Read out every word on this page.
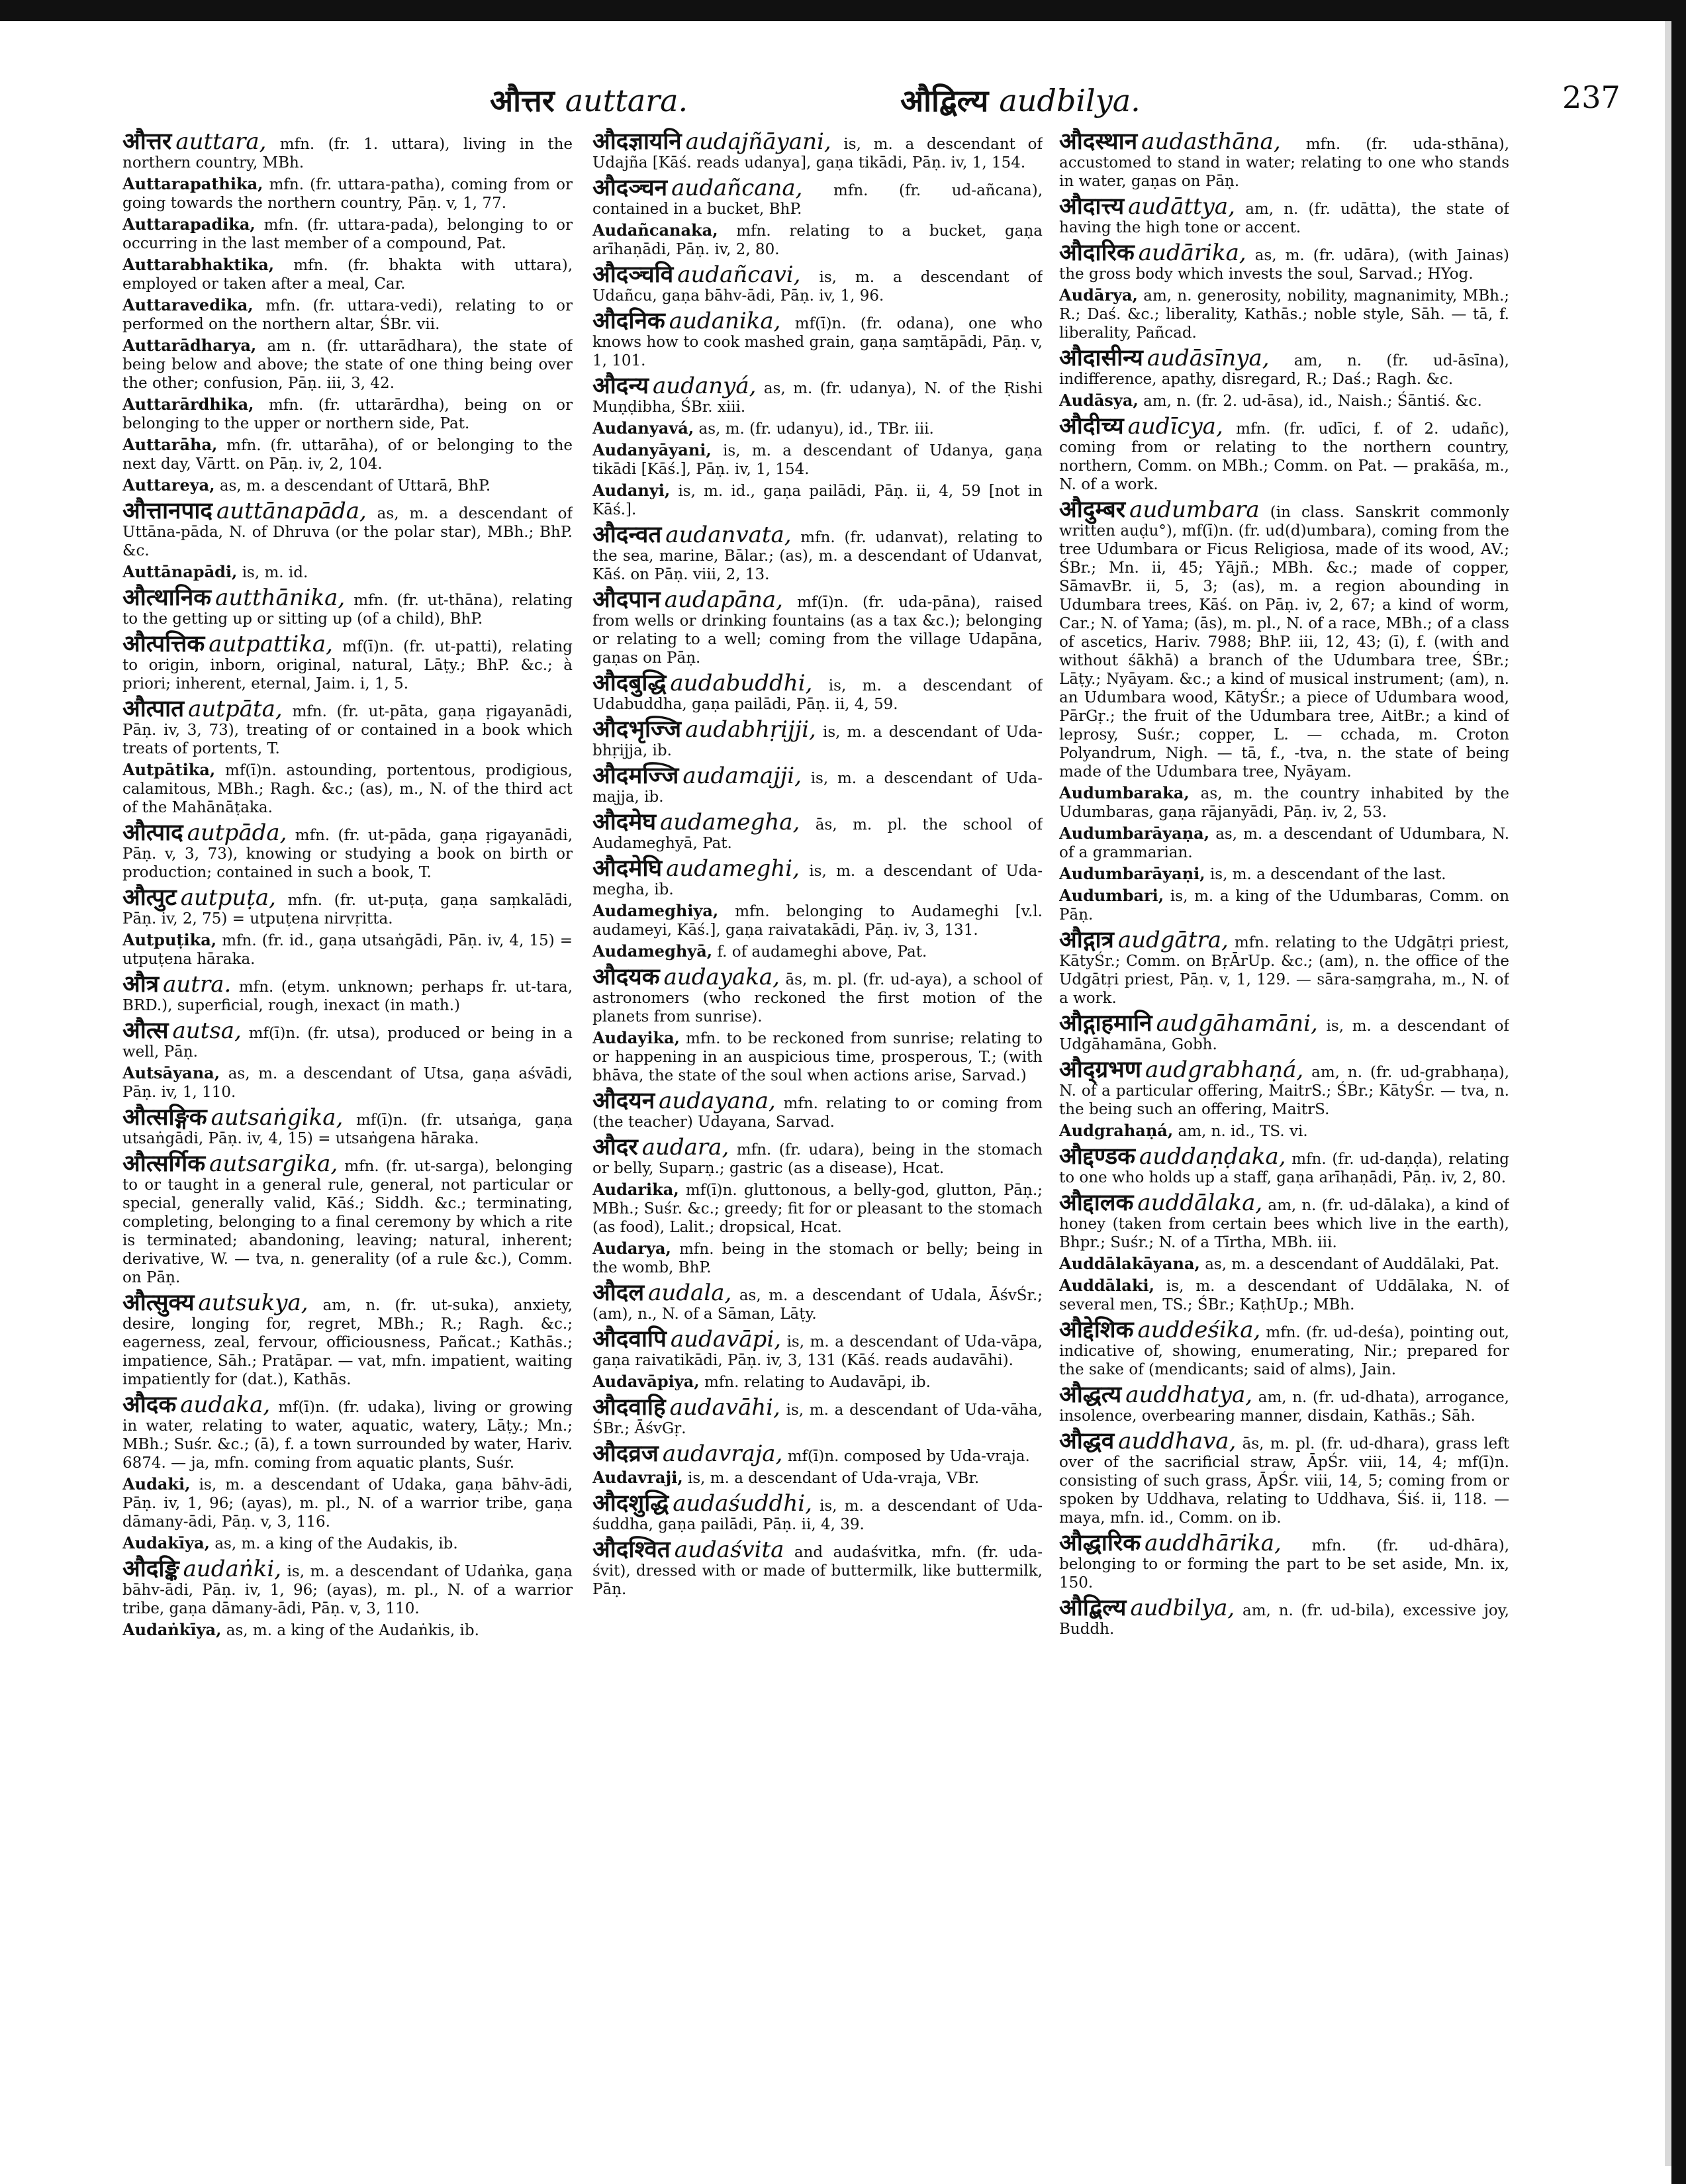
औत्तर auttara.	औद्बिल्य audbilya.	237
औत्तर auttara, mfn. (fr. 1. uttara), living in the northern country, MBh.
Auttarapathika, mfn. (fr. uttara-patha), coming from or going towards the northern country, Pāṇ. v, 1, 77.
Auttarapadika, mfn. (fr. uttara-pada), belonging to or occurring in the last member of a compound, Pat.
Auttarabhaktika, mfn. (fr. bhakta with uttara), employed or taken after a meal, Car.
Auttaravedika, mfn. (fr. uttara-vedi), relating to or performed on the northern altar, ŚBr. vii.
Auttarādharya, am n. (fr. uttarādhara), the state of being below and above; the state of one thing being over the other; confusion, Pāṇ. iii, 3, 42.
Auttarārdhika, mfn. (fr. uttarārdha), being on or belonging to the upper or northern side, Pat.
Auttarāha, mfn. (fr. uttarāha), of or belonging to the next day, Vārtt. on Pāṇ. iv, 2, 104.
Auttareya, as, m. a descendant of Uttarā, BhP.
औत्तानपाद auttānapāda, as, m. a descendant of Uttāna-pāda, N. of Dhruva (or the polar star), MBh.; BhP. &c.
Auttānapādi, is, m. id.
औत्थानिक autthānika, mfn. (fr. ut-thāna), relating to the getting up or sitting up (of a child), BhP.
औत्पत्तिक autpattika, mf(ī)n. (fr. ut-patti), relating to origin, inborn, original, natural, Lāṭy.; BhP. &c.; à priori; inherent, eternal, Jaim. i, 1, 5.
औत्पात autpāta, mfn. (fr. ut-pāta, gaṇa ṛigayanādi, Pāṇ. iv, 3, 73), treating of or contained in a book which treats of portents, T.
Autpātika, mf(ī)n. astounding, portentous, prodigious, calamitous, MBh.; Ragh. &c.; (as), m., N. of the third act of the Mahānāṭaka.
औत्पाद autpāda, mfn. (fr. ut-pāda, gaṇa ṛigayanādi, Pāṇ. v, 3, 73), knowing or studying a book on birth or production; contained in such a book, T.
औत्पुट autpuṭa, mfn. (fr. ut-puṭa, gaṇa saṃkalādi, Pāṇ. iv, 2, 75) = utpuṭena nirvṛitta.
Autpuṭika, mfn. (fr. id., gaṇa utsaṅgādi, Pāṇ. iv, 4, 15) = utpuṭena hāraka.
औत्र autra. mfn. (etym. unknown; perhaps fr. ut-tara, BRD.), superficial, rough, inexact (in math.)
औत्स autsa, mf(ī)n. (fr. utsa), produced or being in a well, Pāṇ.
Autsāyana, as, m. a descendant of Utsa, gaṇa aśvādi, Pāṇ. iv, 1, 110.
औत्सङ्गिक autsaṅgika, mf(ī)n. (fr. utsaṅga, gaṇa utsaṅgādi, Pāṇ. iv, 4, 15) = utsaṅgena hāraka.
औत्सर्गिक autsargika, mfn. (fr. ut-sarga), belonging to or taught in a general rule, general, not particular or special, generally valid, Kāś.; Siddh. &c.; terminating, completing, belonging to a final ceremony by which a rite is terminated; abandoning, leaving; natural, inherent; derivative, W. — tva, n. generality (of a rule &c.), Comm. on Pāṇ.
औत्सुक्य autsukya, am, n. (fr. ut-suka), anxiety, desire, longing for, regret, MBh.; R.; Ragh. &c.; eagerness, zeal, fervour, officiousness, Pañcat.; Kathās.; impatience, Sāh.; Pratāpar. — vat, mfn. impatient, waiting impatiently for (dat.), Kathās.
औदक audaka, mf(ī)n. (fr. udaka), living or growing in water, relating to water, aquatic, watery, Lāṭy.; Mn.; MBh.; Suśr. &c.; (ā), f. a town surrounded by water, Hariv. 6874. — ja, mfn. coming from aquatic plants, Suśr.
Audaki, is, m. a descendant of Udaka, gaṇa bāhv-ādi, Pāṇ. iv, 1, 96; (ayas), m. pl., N. of a warrior tribe, gaṇa dāmany-ādi, Pāṇ. v, 3, 116.
Audakīya, as, m. a king of the Audakis, ib.
औदङ्कि audaṅki, is, m. a descendant of Udaṅka, gaṇa bāhv-ādi, Pāṇ. iv, 1, 96; (ayas), m. pl., N. of a warrior tribe, gaṇa dāmany-ādi, Pāṇ. v, 3, 110.
Audaṅkīya, as, m. a king of the Audaṅkis, ib.
औदज्ञायनि audajñāyani, is, m. a descendant of Udajña [Kāś. reads udanya], gaṇa tikādi, Pāṇ. iv, 1, 154.
औदञ्चन audañcana, mfn. (fr. ud-añcana), contained in a bucket, BhP.
Audañcanaka, mfn. relating to a bucket, gaṇa arīhaṇādi, Pāṇ. iv, 2, 80.
औदञ्चवि audañcavi, is, m. a descendant of Udañcu, gaṇa bāhv-ādi, Pāṇ. iv, 1, 96.
औदनिक audanika, mf(ī)n. (fr. odana), one who knows how to cook mashed grain, gaṇa saṃtāpādi, Pāṇ. v, 1, 101.
औदन्य audanyá, as, m. (fr. udanya), N. of the Ṛishi Muṇḍibha, ŚBr. xiii.
Audanyavá, as, m. (fr. udanyu), id., TBr. iii.
Audanyāyani, is, m. a descendant of Udanya, gaṇa tikādi [Kāś.], Pāṇ. iv, 1, 154.
Audanyi, is, m. id., gaṇa pailādi, Pāṇ. ii, 4, 59 [not in Kāś.].
औदन्वत audanvata, mfn. (fr. udanvat), relating to the sea, marine, Bālar.; (as), m. a descendant of Udanvat, Kāś. on Pāṇ. viii, 2, 13.
औदपान audapāna, mf(ī)n. (fr. uda-pāna), raised from wells or drinking fountains (as a tax &c.); belonging or relating to a well; coming from the village Udapāna, gaṇas on Pāṇ.
औदबुद्धि audabuddhi, is, m. a descendant of Udabuddha, gaṇa pailādi, Pāṇ. ii, 4, 59.
औदभृज्जि audabhṛijji, is, m. a descendant of Uda-bhṛijja, ib.
औदमज्जि audamajji, is, m. a descendant of Uda-majja, ib.
औदमेघ audamegha, ās, m. pl. the school of Audameghyā, Pat.
औदमेघि audameghi, is, m. a descendant of Uda-megha, ib.
Audameghiya, mfn. belonging to Audameghi [v.l. audameyi, Kāś.], gaṇa raivatakādi, Pāṇ. iv, 3, 131.
Audameghyā, f. of audameghi above, Pat.
औदयक audayaka, ās, m. pl. (fr. ud-aya), a school of astronomers (who reckoned the first motion of the planets from sunrise).
Audayika, mfn. to be reckoned from sunrise; relating to or happening in an auspicious time, prosperous, T.; (with bhāva, the state of the soul when actions arise, Sarvad.)
औदयन audayana, mfn. relating to or coming from (the teacher) Udayana, Sarvad.
औदर audara, mfn. (fr. udara), being in the stomach or belly, Suparṇ.; gastric (as a disease), Hcat.
Audarika, mf(ī)n. gluttonous, a belly-god, glutton, Pāṇ.; MBh.; Suśr. &c.; greedy; fit for or pleasant to the stomach (as food), Lalit.; dropsical, Hcat.
Audarya, mfn. being in the stomach or belly; being in the womb, BhP.
औदल audala, as, m. a descendant of Udala, ĀśvŚr.; (am), n., N. of a Sāman, Lāṭy.
औदवापि audavāpi, is, m. a descendant of Uda-vāpa, gaṇa raivatikādi, Pāṇ. iv, 3, 131 (Kāś. reads audavāhi).
Audavāpiya, mfn. relating to Audavāpi, ib.
औदवाहि audavāhi, is, m. a descendant of Uda-vāha, ŚBr.; ĀśvGṛ.
औदव्रज audavraja, mf(ī)n. composed by Uda-vraja.
Audavraji, is, m. a descendant of Uda-vraja, VBr.
औदशुद्धि audaśuddhi, is, m. a descendant of Uda-śuddha, gaṇa pailādi, Pāṇ. ii, 4, 39.
औदश्वित audaśvita and audaśvitka, mfn. (fr. uda-śvit), dressed with or made of buttermilk, like buttermilk, Pāṇ.
औदस्थान audasthāna, mfn. (fr. uda-sthāna), accustomed to stand in water; relating to one who stands in water, gaṇas on Pāṇ.
औदात्त्य audāttya, am, n. (fr. udātta), the state of having the high tone or accent.
औदारिक audārika, as, m. (fr. udāra), (with Jainas) the gross body which invests the soul, Sarvad.; HYog.
Audārya, am, n. generosity, nobility, magnanimity, MBh.; R.; Daś. &c.; liberality, Kathās.; noble style, Sāh. — tā, f. liberality, Pañcad.
औदासीन्य audāsīnya, am, n. (fr. ud-āsīna), indifference, apathy, disregard, R.; Daś.; Ragh. &c.
Audāsya, am, n. (fr. 2. ud-āsa), id., Naish.; Śāntiś. &c.
औदीच्य audīcya, mfn. (fr. udīci, f. of 2. udañc), coming from or relating to the northern country, northern, Comm. on MBh.; Comm. on Pat. — prakāśa, m., N. of a work.
औदुम्बर audumbara (in class. Sanskrit commonly written auḍu°), mf(ī)n. (fr. ud(d)umbara), coming from the tree Udumbara or Ficus Religiosa, made of its wood, AV.; ŚBr.; Mn. ii, 45; Yājñ.; MBh. &c.; made of copper, SāmavBr. ii, 5, 3; (as), m. a region abounding in Udumbara trees, Kāś. on Pāṇ. iv, 2, 67; a kind of worm, Car.; N. of Yama; (ās), m. pl., N. of a race, MBh.; of a class of ascetics, Hariv. 7988; BhP. iii, 12, 43; (ī), f. (with and without śākhā) a branch of the Udumbara tree, ŚBr.; Lāṭy.; Nyāyam. &c.; a kind of musical instrument; (am), n. an Udumbara wood, KātyŚr.; a piece of Udumbara wood, PārGṛ.; the fruit of the Udumbara tree, AitBr.; a kind of leprosy, Suśr.; copper, L. — cchada, m. Croton Polyandrum, Nigh. — tā, f., -tva, n. the state of being made of the Udumbara tree, Nyāyam.
Audumbaraka, as, m. the country inhabited by the Udumbaras, gaṇa rājanyādi, Pāṇ. iv, 2, 53.
Audumbarāyaṇa, as, m. a descendant of Udumbara, N. of a grammarian.
Audumbarāyaṇi, is, m. a descendant of the last.
Audumbari, is, m. a king of the Udumbaras, Comm. on Pāṇ.
औद्गात्र audgātra, mfn. relating to the Udgātṛi priest, KātyŚr.; Comm. on BṛĀrUp. &c.; (am), n. the office of the Udgātṛi priest, Pāṇ. v, 1, 129. — sāra-saṃgraha, m., N. of a work.
औद्गाहमानि audgāhamāni, is, m. a descendant of Udgāhamāna, Gobh.
औद्ग्रभण audgrabhaṇá, am, n. (fr. ud-grabhaṇa), N. of a particular offering, MaitrS.; ŚBr.; KātyŚr. — tva, n. the being such an offering, MaitrS.
Audgrahaṇá, am, n. id., TS. vi.
औद्दण्डक auddaṇḍaka, mfn. (fr. ud-daṇḍa), relating to one who holds up a staff, gaṇa arīhaṇādi, Pāṇ. iv, 2, 80.
औद्दालक auddālaka, am, n. (fr. ud-dālaka), a kind of honey (taken from certain bees which live in the earth), Bhpr.; Suśr.; N. of a Tīrtha, MBh. iii.
Auddālakāyana, as, m. a descendant of Auddālaki, Pat.
Auddālaki, is, m. a descendant of Uddālaka, N. of several men, TS.; ŚBr.; KaṭhUp.; MBh.
औद्देशिक auddeśika, mfn. (fr. ud-deśa), pointing out, indicative of, showing, enumerating, Nir.; prepared for the sake of (mendicants; said of alms), Jain.
औद्धत्य auddhatya, am, n. (fr. ud-dhata), arrogance, insolence, overbearing manner, disdain, Kathās.; Sāh.
औद्धव auddhava, ās, m. pl. (fr. ud-dhara), grass left over of the sacrificial straw, ĀpŚr. viii, 14, 4; mf(ī)n. consisting of such grass, ĀpŚr. viii, 14, 5; coming from or spoken by Uddhava, relating to Uddhava, Śiś. ii, 118. — maya, mfn. id., Comm. on ib.
औद्धारिक auddhārika, mfn. (fr. ud-dhāra), belonging to or forming the part to be set aside, Mn. ix, 150.
औद्बिल्य audbilya, am, n. (fr. ud-bila), excessive joy, Buddh.
